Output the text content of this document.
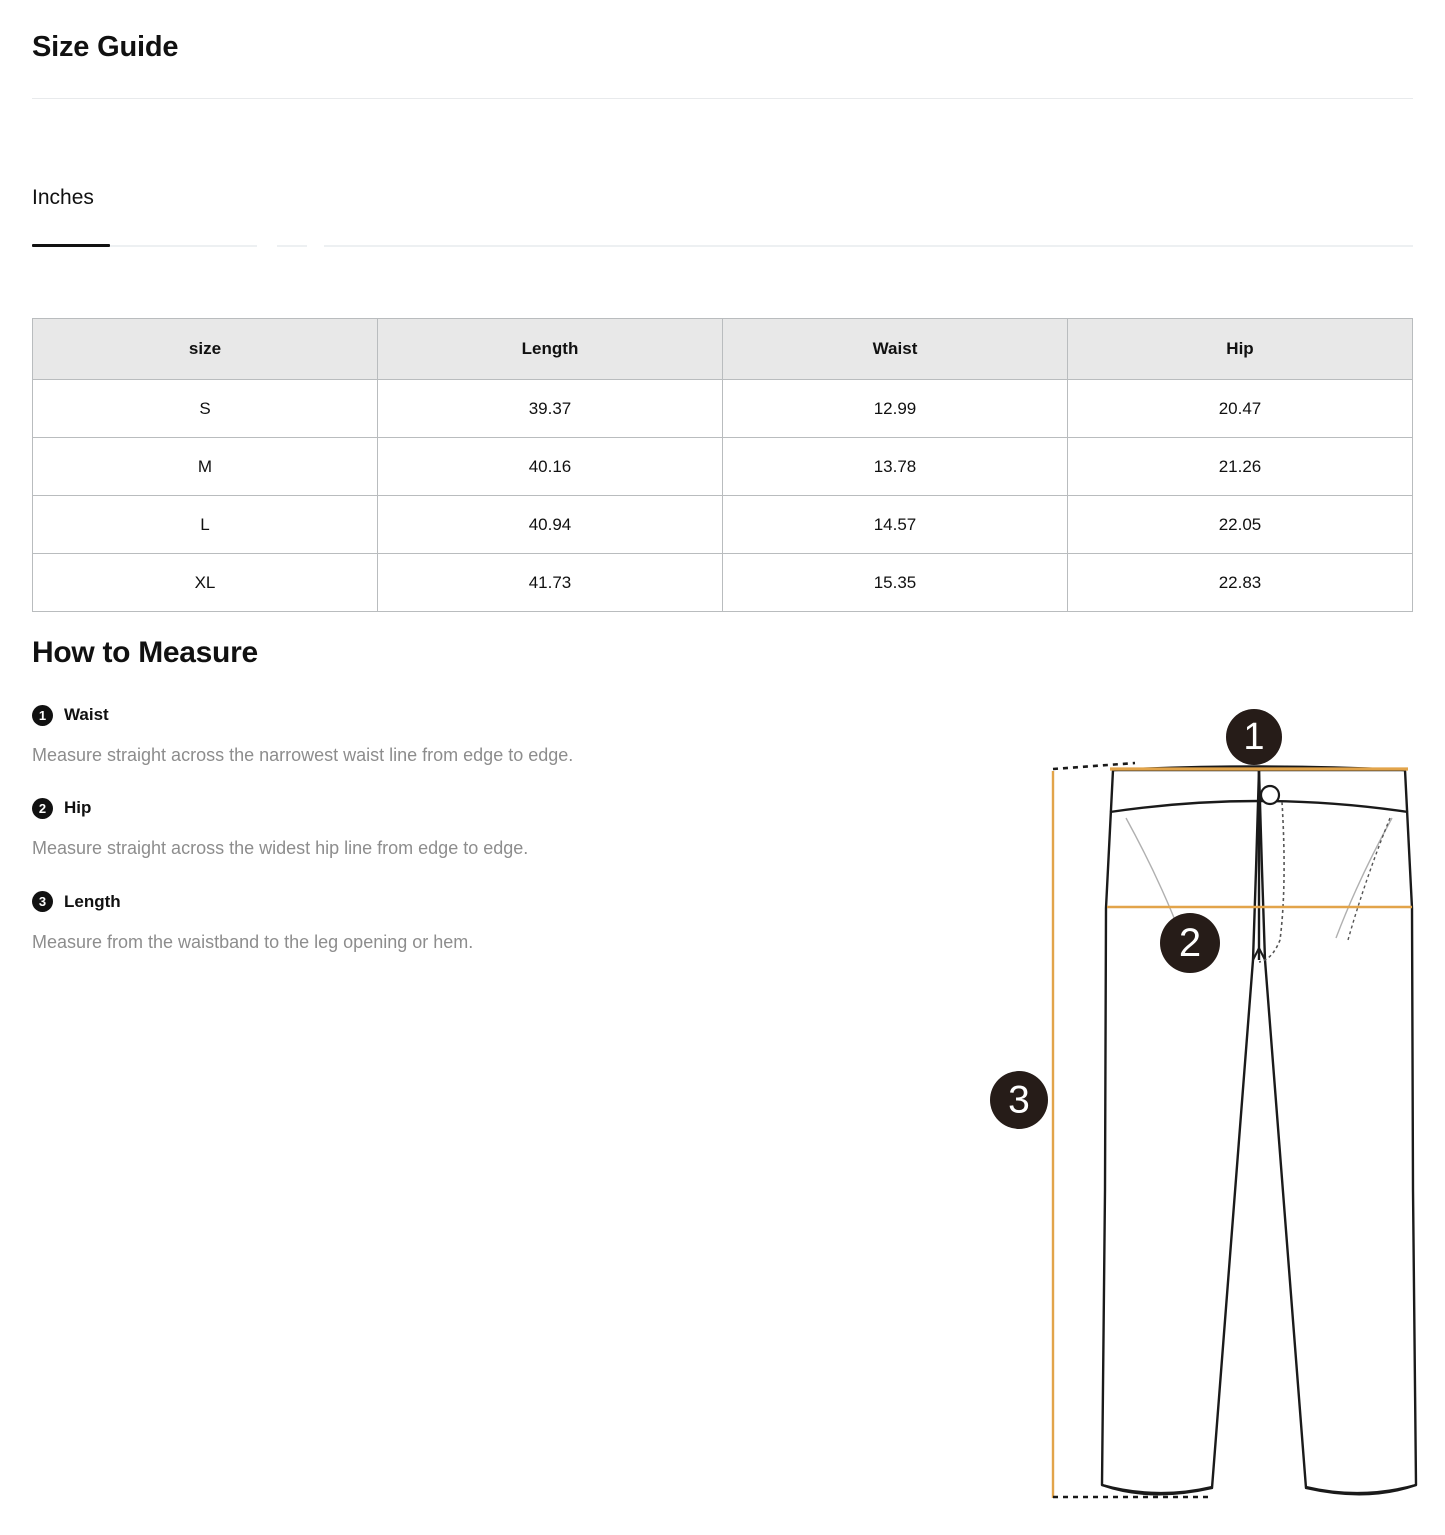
Size Guide
Inches
size	Length	Waist	Hip
S	39.37	12.99	20.47
M	40.16	13.78	21.26
L	40.94	14.57	22.05
XL	41.73	15.35	22.83
How to Measure
1	Waist

Measure straight across the narrowest waist line from edge to edge.

2	Hip

Measure straight across the widest hip line from edge to edge.

3	Length

Measure from the waistband to the leg opening or hem.

1
2
3
